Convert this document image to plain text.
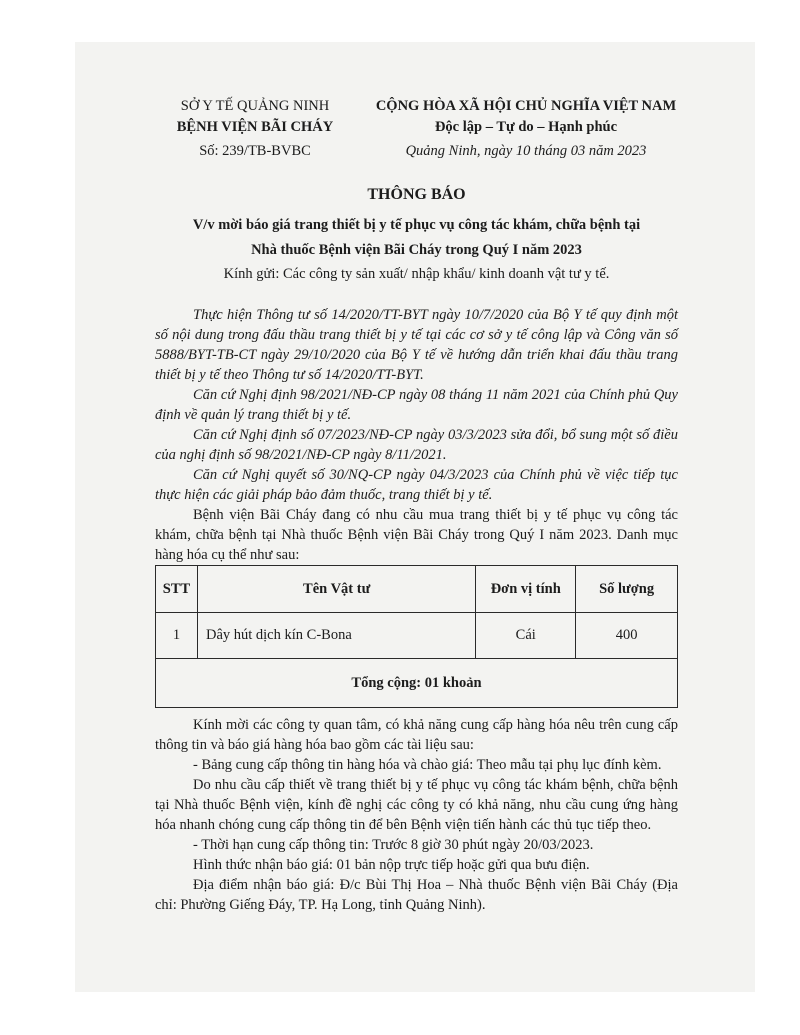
SỞ Y TẾ QUẢNG NINH
BỆNH VIỆN BÃI CHÁY
Số: 239/TB-BVBC
CỘNG HÒA XÃ HỘI CHỦ NGHĨA VIỆT NAM
Độc lập – Tự do – Hạnh phúc
Quảng Ninh, ngày 10 tháng 03 năm 2023
THÔNG BÁO
V/v mời báo giá trang thiết bị y tế phục vụ công tác khám, chữa bệnh tại
Nhà thuốc Bệnh viện Bãi Cháy trong Quý I năm 2023
Kính gửi: Các công ty sản xuất/ nhập khẩu/ kinh doanh vật tư y tế.

Thực hiện Thông tư số 14/2020/TT-BYT ngày 10/7/2020 của Bộ Y tế quy định một số nội dung trong đấu thầu trang thiết bị y tế tại các cơ sở y tế công lập và Công văn số 5888/BYT-TB-CT ngày 29/10/2020 của Bộ Y tế về hướng dẫn triển khai đấu thầu trang thiết bị y tế theo Thông tư số 14/2020/TT-BYT.

Căn cứ Nghị định 98/2021/NĐ-CP ngày 08 tháng 11 năm 2021 của Chính phủ Quy định về quản lý trang thiết bị y tế.

Căn cứ Nghị định số 07/2023/NĐ-CP ngày 03/3/2023 sửa đổi, bổ sung một số điều của nghị định số 98/2021/NĐ-CP ngày 8/11/2021.

Căn cứ Nghị quyết số 30/NQ-CP ngày 04/3/2023 của Chính phủ về việc tiếp tục thực hiện các giải pháp bảo đảm thuốc, trang thiết bị y tế.

Bệnh viện Bãi Cháy đang có nhu cầu mua trang thiết bị y tế phục vụ công tác khám, chữa bệnh tại Nhà thuốc Bệnh viện Bãi Cháy trong Quý I năm 2023. Danh mục hàng hóa cụ thể như sau:

STT	Tên Vật tư	Đơn vị tính	Số lượng
1	Dây hút dịch kín C-Bona	Cái	400
Tổng cộng: 01 khoản			

Kính mời các công ty quan tâm, có khả năng cung cấp hàng hóa nêu trên cung cấp thông tin và báo giá hàng hóa bao gồm các tài liệu sau:

- Bảng cung cấp thông tin hàng hóa và chào giá: Theo mẫu tại phụ lục đính kèm.

Do nhu cầu cấp thiết về trang thiết bị y tế phục vụ công tác khám bệnh, chữa bệnh tại Nhà thuốc Bệnh viện, kính đề nghị các công ty có khả năng, nhu cầu cung ứng hàng hóa nhanh chóng cung cấp thông tin để bên Bệnh viện tiến hành các thủ tục tiếp theo.

- Thời hạn cung cấp thông tin: Trước 8 giờ 30 phút ngày 20/03/2023.

Hình thức nhận báo giá: 01 bản nộp trực tiếp hoặc gửi qua bưu điện.

Địa điểm nhận báo giá: Đ/c Bùi Thị Hoa – Nhà thuốc Bệnh viện Bãi Cháy (Địa chỉ: Phường Giếng Đáy, TP. Hạ Long, tỉnh Quảng Ninh).
